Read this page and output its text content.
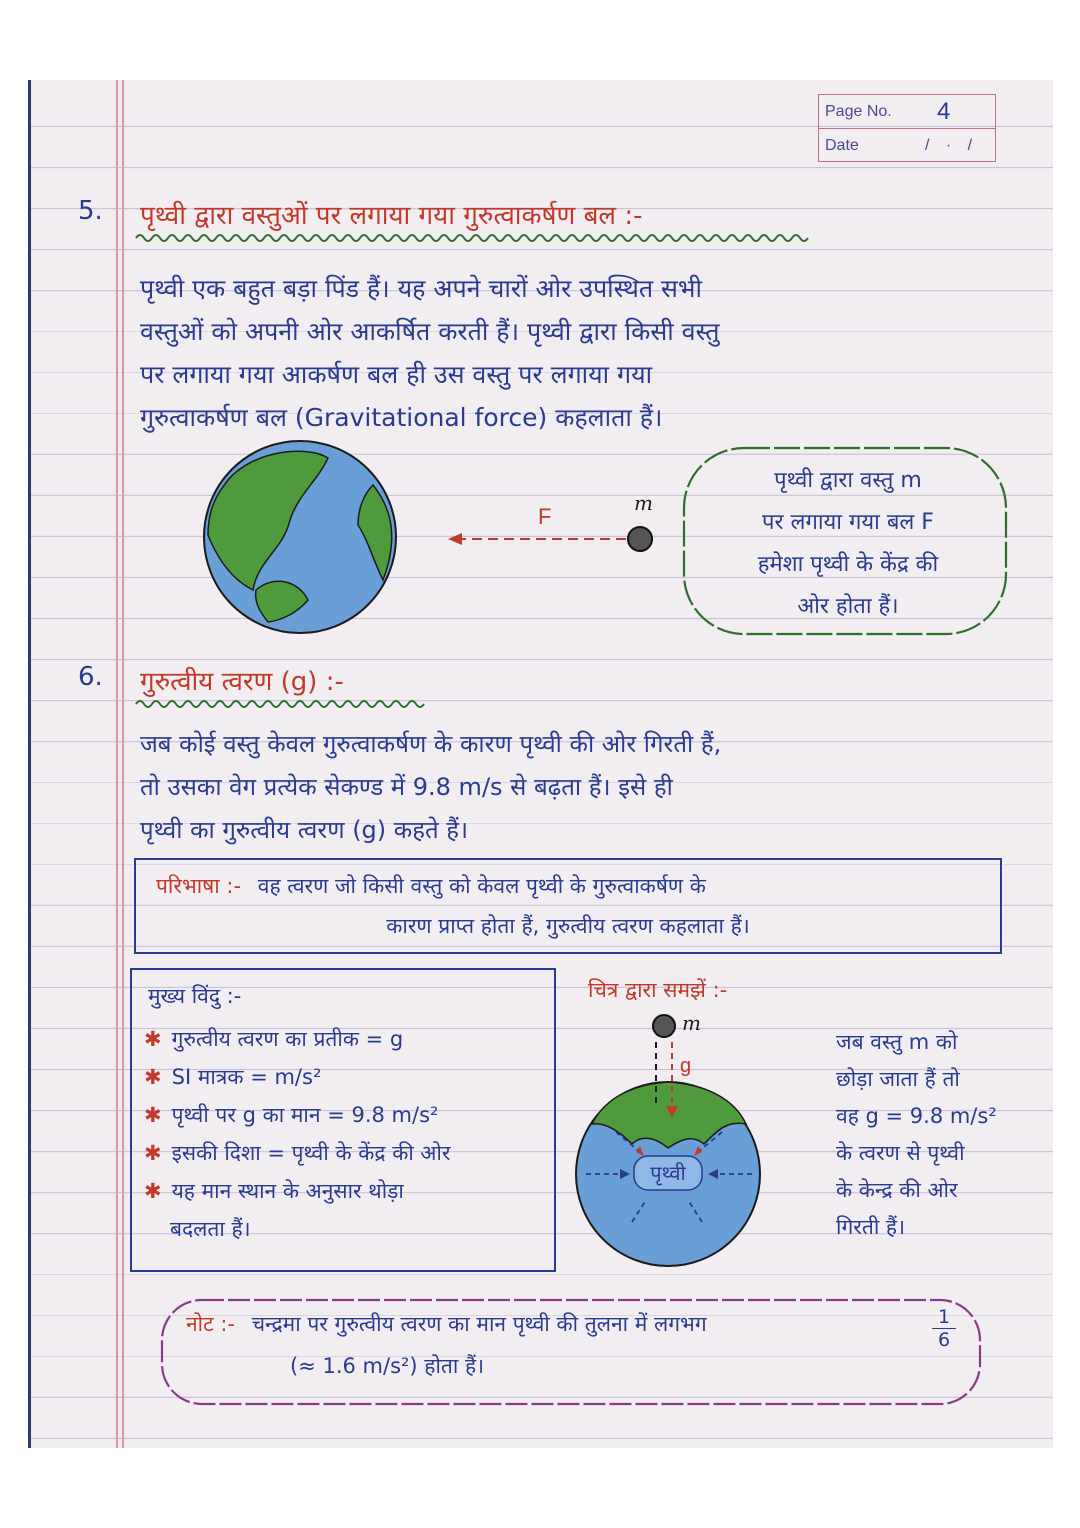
Page No.	4
Date	/ · /
5. पृथ्वी द्वारा वस्तुओं पर लगाया गया गुरुत्वाकर्षण बल :-
पृथ्वी एक बहुत बड़ा पिंड हैं। यह अपने चारों ओर उपस्थित सभी
वस्तुओं को अपनी ओर आकर्षित करती हैं। पृथ्वी द्वारा किसी वस्तु
पर लगाया गया आकर्षण बल ही उस वस्तु पर लगाया गया
गुरुत्वाकर्षण बल (Gravitational force) कहलाता हैं।
F
m
पृथ्वी द्वारा वस्तु m
पर लगाया गया बल F
हमेशा पृथ्वी के केंद्र की
ओर होता हैं।
6. गुरुत्वीय त्वरण (g) :-
जब कोई वस्तु केवल गुरुत्वाकर्षण के कारण पृथ्वी की ओर गिरती हैं,
तो उसका वेग प्रत्येक सेकण्ड में 9.8 m/s से बढ़ता हैं। इसे ही
पृथ्वी का गुरुत्वीय त्वरण (g) कहते हैं।
परिभाषा :- वह त्वरण जो किसी वस्तु को केवल पृथ्वी के गुरुत्वाकर्षण के
कारण प्राप्त होता हैं, गुरुत्वीय त्वरण कहलाता हैं।
मुख्य विंदु :-
✱ गुरुत्वीय त्वरण का प्रतीक = g
✱ SI मात्रक = m/s²
✱ पृथ्वी पर g का मान = 9.8 m/s²
✱ इसकी दिशा = पृथ्वी के केंद्र की ओर
✱ यह मान स्थान के अनुसार थोड़ा
बदलता हैं।
चित्र द्वारा समझें :-
m
g
पृथ्वी
जब वस्तु m को
छोड़ा जाता हैं तो
वह g = 9.8 m/s²
के त्वरण से पृथ्वी
के केन्द्र की ओर
गिरती हैं।
नोट :- चन्द्रमा पर गुरुत्वीय त्वरण का मान पृथ्वी की तुलना में लगभग	$\frac{1}{6}$
(≈ 1.6 m/s²) होता हैं।
